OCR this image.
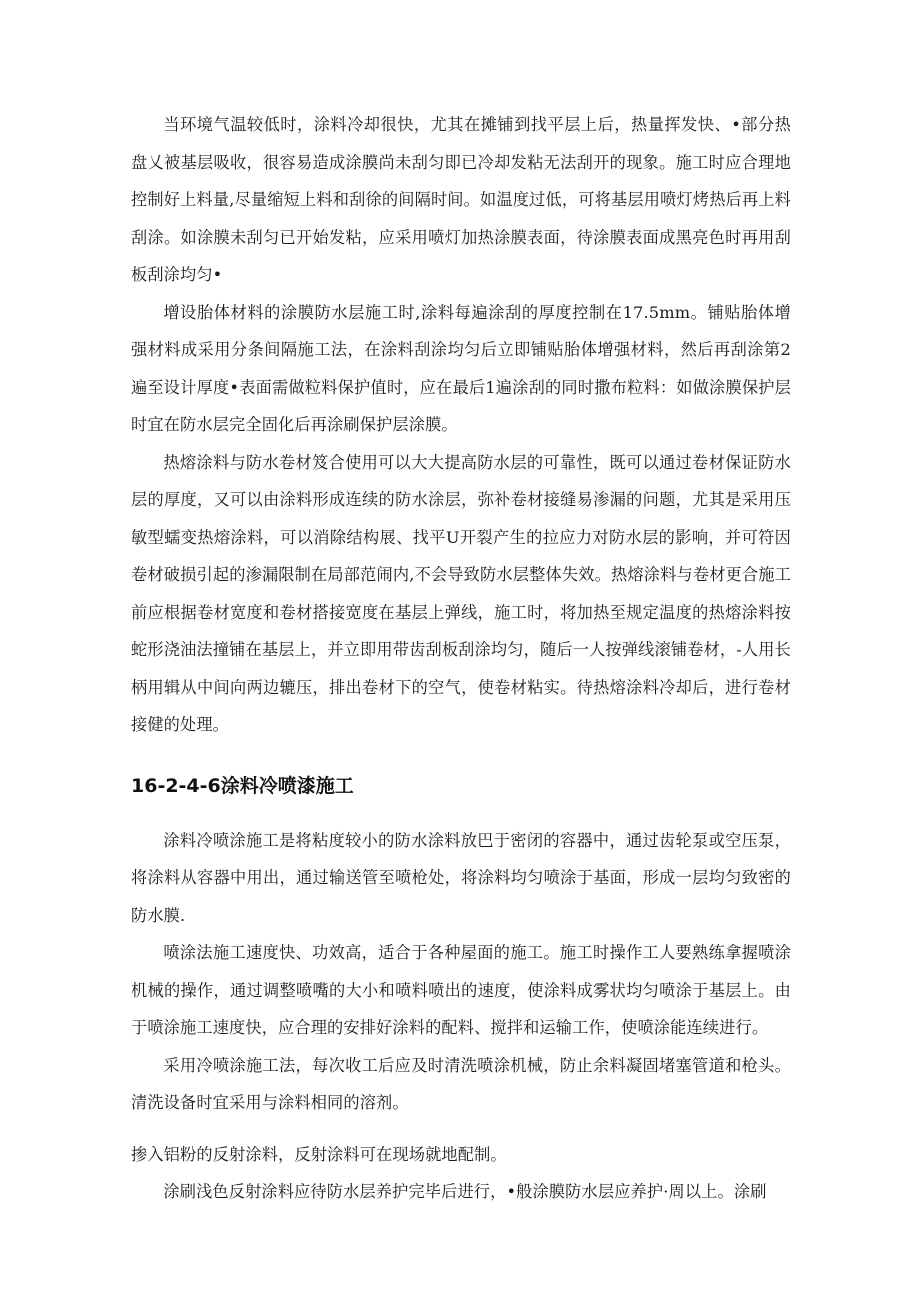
当环境气温较低时，涂料冷却很快，尤其在摊铺到找平层上后，热量挥发快、•部分热盘乂被基层吸收，很容易造成涂膜尚未刮匀即已冷却发粘无法刮开的现象。施工时应合理地控制好上料量,尽量缩短上料和刮徐的间隔时间。如温度过低，可将基层用喷灯烤热后再上料刮涂。如涂膜未刮匀已开始发粘，应采用喷灯加热涂膜表面，待涂膜表面成黑亮色时再用刮板刮涂均匀•

增设胎体材料的涂膜防水层施工时,涂料每遍涂刮的厚度控制在17.5mm。铺贴胎体增强材料成采用分条间隔施工法，在涂料刮涂均匀后立即铺贴胎体增强材料，然后再刮涂第2遍至设计厚度•表面需做粒料保护值时，应在最后1遍涂刮的同时撒布粒料：如做涂膜保护层时宜在防水层完全固化后再涂刷保护层涂膜。

热熔涂料与防水卷材笈合使用可以大大提高防水层的可靠性，既可以通过卷材保证防水层的厚度，又可以由涂料形成连续的防水涂层，弥补卷材接缝易渗漏的问题，尤其是采用压敏型蠕变热熔涂料，可以消除结构展、找平U开裂产生的拉应力对防水层的影响，并可符因卷材破损引起的渗漏限制在局部范闹内,不会导致防水层整体失效。热熔涂料与卷材更合施工前应根据卷材宽度和卷材搭接宽度在基层上弹线，施工时，将加热至规定温度的热熔涂料按蛇形浇油法撞铺在基层上，并立即用带齿刮板刮涂均匀，随后一人按弹线滚铺卷材，-人用长柄用辑从中间向两边辘压，排出卷材下的空气，使卷材粘实。待热熔涂料冷却后，进行卷材接健的处理。

16-2-4-6涂料冷喷漆施工

涂料冷喷涂施工是将粘度较小的防水涂料放巴于密闭的容器中，通过齿轮泵或空压泵，将涂料从容器中用出，通过输送管至喷枪处，将涂料均匀喷涂于基面，形成一层均匀致密的防水膜.

喷涂法施工速度快、功效高，适合于各种屋面的施工。施工时操作工人要熟练拿握喷涂机械的操作，通过调整喷嘴的大小和喷料喷出的速度，使涂料成雾状均匀喷涂于基层上。由于喷涂施工速度快，应合理的安排好涂料的配料、搅拌和运输工作，使喷涂能连续进行。

采用冷喷涂施工法，每次收工后应及时清洗喷涂机械，防止余料凝固堵塞管道和枪头。清洗设备时宜采用与涂料相同的溶剂。

掺入铝粉的反射涂料，反射涂料可在现场就地配制。

涂刷浅色反射涂料应待防水层养护完毕后进行，•般涂膜防水层应养护·周以上。涂刷
